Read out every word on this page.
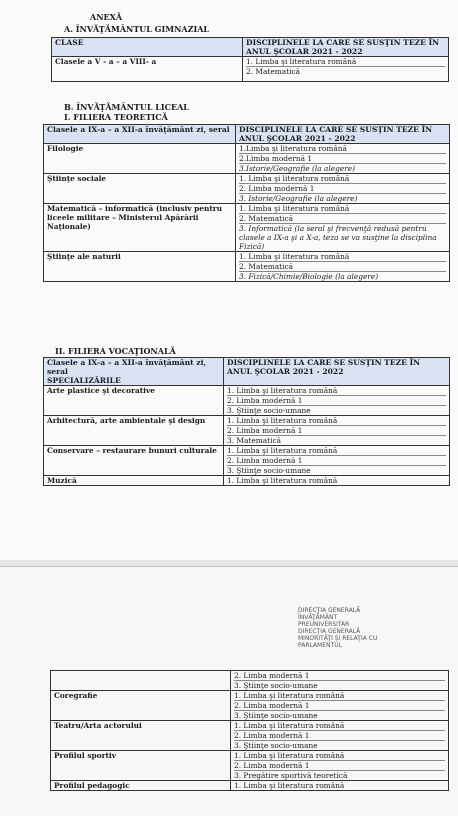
ANEXĂ
A. ÎNVĂŢĂMÂNTUL GIMNAZIAL
CLASE	DISCIPLINELE LA CARE SE SUSŢIN TEZE ÎN ANUL ŞCOLAR 2021 - 2022
Clasele a V - a – a VIII- a	1. Limba şi literatura română
2. Matematică
B. ÎNVĂŢĂMÂNTUL LICEAL
I. FILIERA TEORETICĂ
Clasele a IX-a – a XII-a învăţământ zi, seral	DISCIPLINELE LA CARE SE SUSŢIN TEZE ÎN ANUL ŞCOLAR 2021 - 2022
Filologie	1.Limba şi literatura română
2.Limba modernă 1
3.Istorie/Geografie (la alegere)

Ştiinţe sociale	1. Limba şi literatura română
2. Limba modernă 1
3. Istorie/Geografie (la alegere)

Matematică – informatică (inclusiv pentru liceele militare – Ministerul Apărării Naţionale)	1. Limba şi literatura română
2. Matematică
3. Informatică (la seral şi frecvenţă redusă pentru clasele a IX-a şi a X-a, teza se va susţine la disciplina Fizică)

Ştiinţe ale naturii	1. Limba şi literatura română
2. Matematică
3. Fizică/Chimie/Biologie (la alegere)
II. FILIERA VOCAŢIONALĂ
Clasele a IX-a – a XII-a învăţământ zi, seral
SPECIALIZĂRILE	DISCIPLINELE LA CARE SE SUSŢIN TEZE ÎN ANUL ŞCOLAR 2021 - 2022
Arte plastice şi decorative	1. Limba şi literatura română
2. Limba modernă 1
3. Ştiinţe socio-umane

Arhitectură, arte ambientale şi design	1. Limba şi literatura română
2. Limba modernă 1
3. Matematică

Conservare – restaurare bunuri culturale	1. Limba şi literatura română
2. Limba modernă 1
3. Ştiinţe socio-umane

Muzică	1. Limba şi literatura română
DIRECŢIA GENERALĂ
ÎNVĂŢĂMÂNT
PREUNIVERSITAR
DIRECŢIA GENERALĂ
MINORITĂŢI ŞI RELAŢIA CU
PARLAMENTUL

	2. Limba modernă 1
3. Ştiinţe socio-umane

Coregrafie	1. Limba şi literatura română
2. Limba modernă 1
3. Ştiinţe socio-umane

Teatru/Arta actorului	1. Limba şi literatura română
2. Limba modernă 1
3. Ştiinţe socio-umane

Profilul sportiv	1. Limba şi literatura română
2. Limba modernă 1
3. Pregătire sportivă teoretică

Profilul pedagogic	1. Limba şi literatura română
